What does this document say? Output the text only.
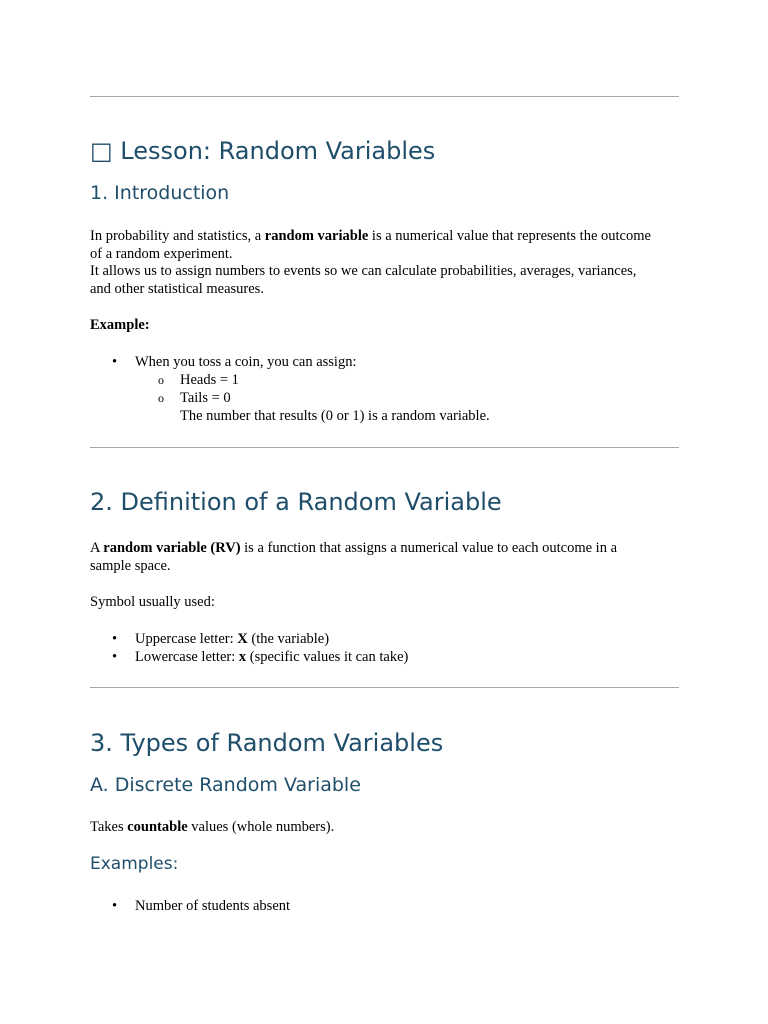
□ Lesson: Random Variables
1. Introduction

In probability and statistics, a random variable is a numerical value that represents the outcome
of a random experiment.
It allows us to assign numbers to events so we can calculate probabilities, averages, variances,
and other statistical measures.

Example:

• When you toss a coin, you can assign:
o Heads = 1
o Tails = 0
The number that results (0 or 1) is a random variable.
2. Definition of a Random Variable

A random variable (RV) is a function that assigns a numerical value to each outcome in a
sample space.

Symbol usually used:

• Uppercase letter: X (the variable)
• Lowercase letter: x (specific values it can take)
3. Types of Random Variables
A. Discrete Random Variable

Takes countable values (whole numbers).

Examples:
• Number of students absent
